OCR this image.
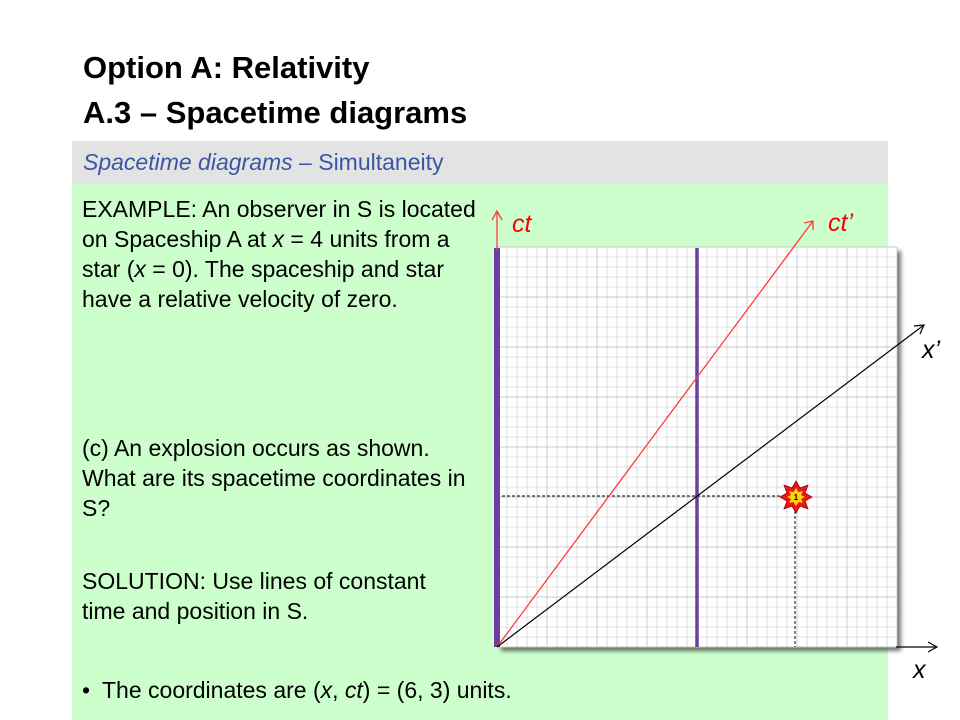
Option A: Relativity
A.3 – Spacetime diagrams
Spacetime diagrams – Simultaneity

EXAMPLE: An observer in S is located on Spaceship A at x = 4 units from a star (x = 0). The spaceship and star have a relative velocity of zero.

(c) An explosion occurs as shown. What are its spacetime coordinates in S?

SOLUTION: Use lines of constant time and position in S.

• The coordinates are (x, ct) = (6, 3) units.

ct	ct’
x’
x
1
